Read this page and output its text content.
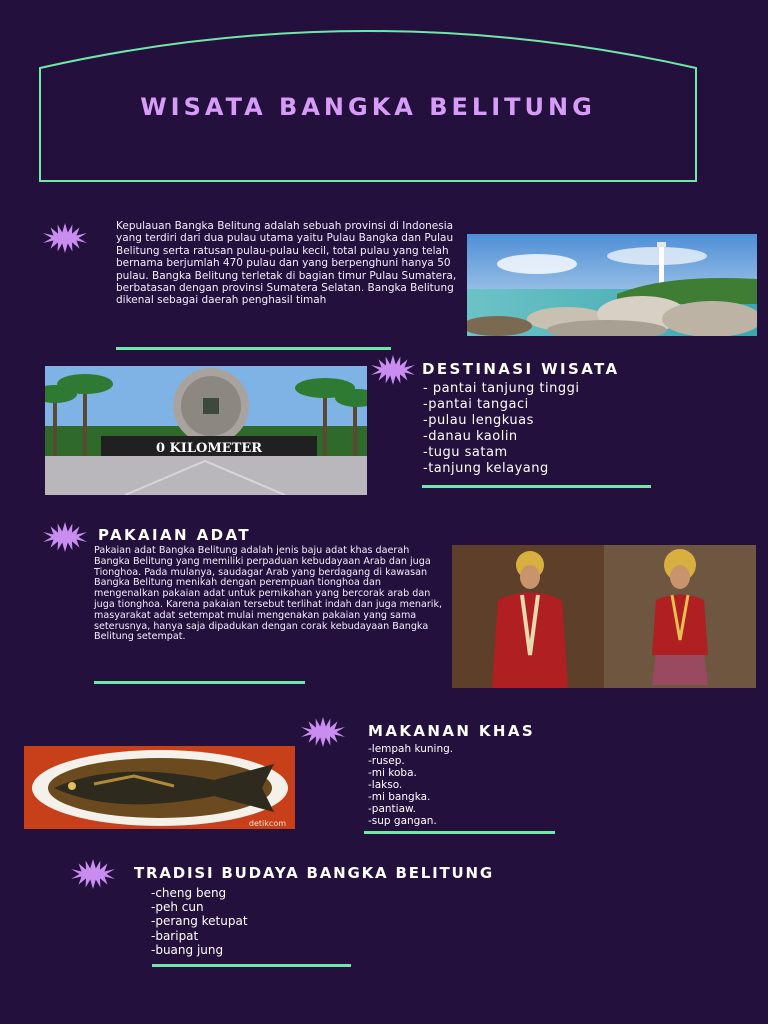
WISATA BANGKA BELITUNG
Kepulauan Bangka Belitung adalah sebuah provinsi di Indonesia yang terdiri dari dua pulau utama yaitu Pulau Bangka dan Pulau Belitung serta ratusan pulau-pulau kecil, total pulau yang telah bernama berjumlah 470 pulau dan yang berpenghuni hanya 50 pulau. Bangka Belitung terletak di bagian timur Pulau Sumatera, berbatasan dengan provinsi Sumatera Selatan. Bangka Belitung dikenal sebagai daerah penghasil timah
0 KILOMETER
DESTINASI WISATA
- pantai tanjung tinggi
-pantai tangaci
-pulau lengkuas
-danau kaolin
-tugu satam
-tanjung kelayang
PAKAIAN ADAT
Pakaian adat Bangka Belitung adalah jenis baju adat khas daerah Bangka Belitung yang memiliki perpaduan kebudayaan Arab dan juga Tionghoa. Pada mulanya, saudagar Arab yang berdagang di kawasan Bangka Belitung menikah dengan perempuan tionghoa dan mengenalkan pakaian adat untuk pernikahan yang bercorak arab dan juga tionghoa. Karena pakaian tersebut terlihat indah dan juga menarik, masyarakat adat setempat mulai mengenakan pakaian yang sama seterusnya, hanya saja dipadukan dengan corak kebudayaan Bangka Belitung setempat.
detikcom
MAKANAN KHAS
-lempah kuning.
-rusep.
-mi koba.
-lakso.
-mi bangka.
-pantiaw.
-sup gangan.
TRADISI BUDAYA BANGKA BELITUNG
-cheng beng
-peh cun
-perang ketupat
-baripat
-buang jung
